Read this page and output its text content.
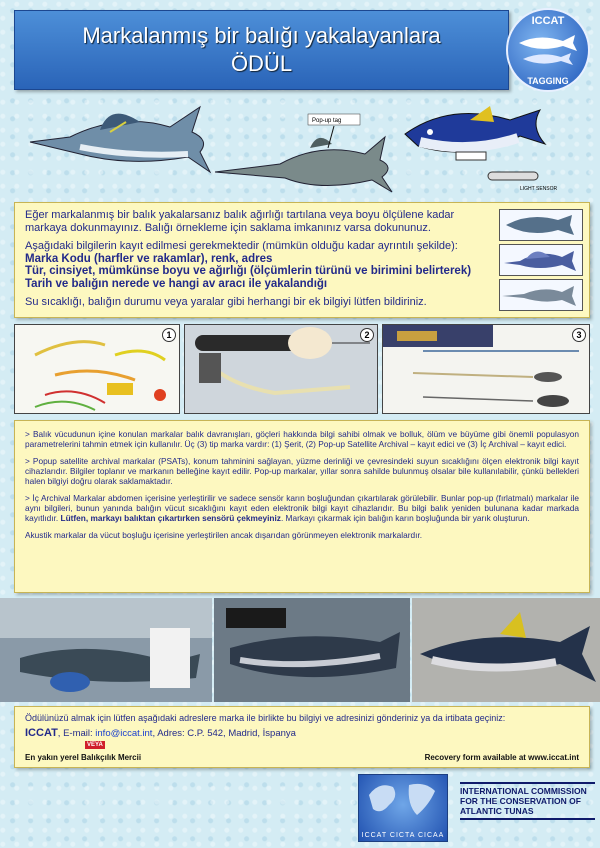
Markalanmış bir balığı yakalayanlara
ÖDÜL
ICCAT
TAGGING
Pop-up tag
LIGHT SENSOR

Eğer markalanmış bir balık yakalarsanız balık ağırlığı tartılana veya boyu ölçülene kadar markaya dokunmayınız. Balığı örnekleme için saklama imkanınız varsa dokununuz.

Aşağıdaki bilgilerin kayıt edilmesi gerekmektedir (mümkün olduğu kadar ayrıntılı şekilde):

Marka Kodu (harfler ve rakamlar), renk, adres

Tür, cinsiyet, mümkünse boyu ve ağırlığı (ölçümlerin türünü ve birimini belirterek)

Tarih ve balığın nerede ve hangi av aracı ile yakalandığı

Su sıcaklığı, balığın durumu veya yaralar gibi herhangi bir ek bilgiyi lütfen bildiriniz.

1	2	3

> Balık vücudunun içine konulan markalar balık davranışları, göçleri hakkında bilgi sahibi olmak ve bolluk, ölüm ve büyüme gibi önemli populasyon parametrelerini tahmin etmek için kullanılır. Üç (3) tip marka vardır: (1) Şerit, (2) Pop-up Satellite Archival – kayıt edici ve (3) İç Archival – kayıt edici.

> Popup satellite archival markalar (PSATs), konum tahminini sağlayan, yüzme derinliği ve çevresindeki suyun sıcaklığını ölçen elektronik bilgi kayıt cihazlarıdır. Bilgiler toplanır ve markanın belleğine kayıt edilir. Pop-up markalar, yıllar sonra sahilde bulunmuş olsalar bile kullanılabilir, çünkü bellekleri halen bilgiyi doğru olarak saklamaktadır.

> İç Archival Markalar abdomen içerisine yerleştirilir ve sadece sensör karın boşluğundan çıkartılarak görülebilir. Bunlar pop-up (fırlatmalı) markalar ile aynı bilgileri, bunun yanında balığın vücut sıcaklığını kayıt eden elektronik bilgi kayıt cihazlarıdır. Bu bilgi balık yeniden bulunana kadar markada kayıtlıdır. Lütfen, markayı balıktan çıkartırken sensörü çekmeyiniz. Markayı çıkarmak için balığın karın boşluğunda bir yarık oluşturun.

Akustik markalar da vücut boşluğu içerisine yerleştirilen ancak dışarıdan görünmeyen elektronik markalardır.

Ödülünüzü almak için lütfen aşağıdaki adreslere marka ile birlikte bu bilgiyi ve adresinizi gönderiniz ya da irtibata geçiniz:
ICCAT, E-mail: info@iccat.int, Adres: C.P. 542, Madrid, İspanya
VEYA
En yakın yerel Balıkçılık Mercii	Recovery form available at www.iccat.int
ICCAT CICTA CICAA
INTERNATIONAL COMMISSION
FOR THE CONSERVATION OF
ATLANTIC TUNAS
